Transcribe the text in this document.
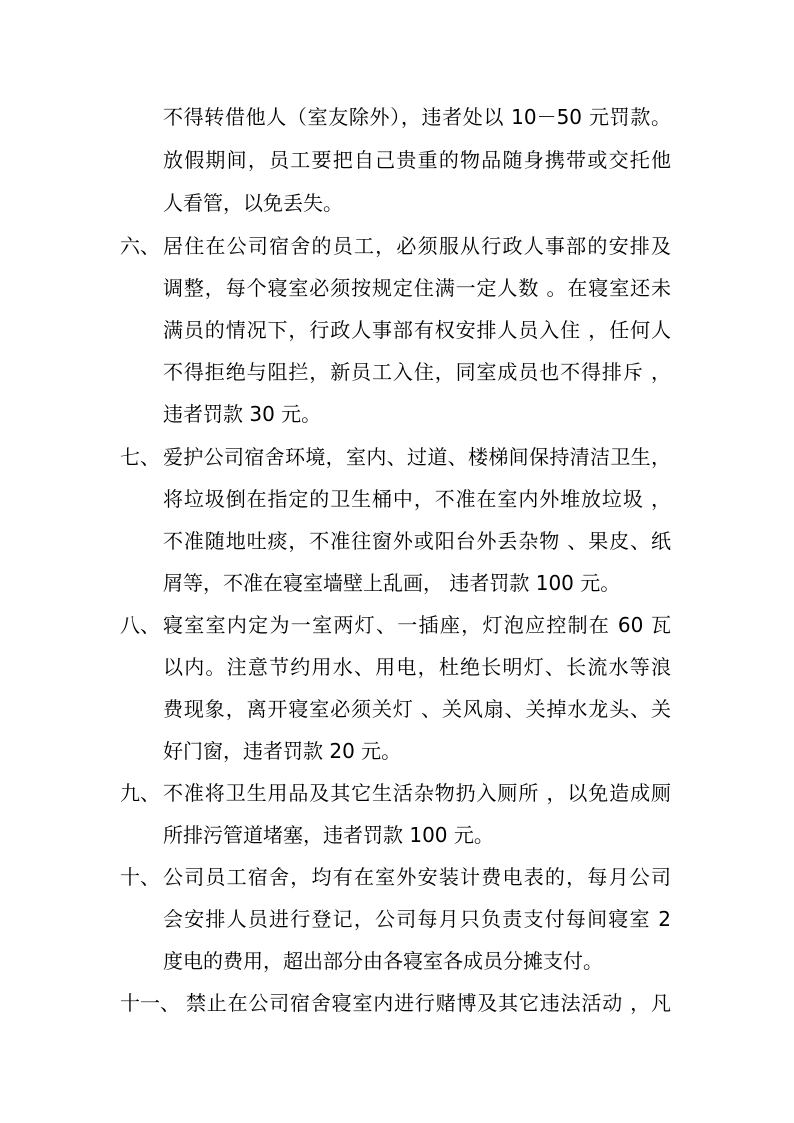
不得转借他人（室友除外），违者处以 10－50 元罚款。
放假期间，员工要把自己贵重的物品随身携带或交托他
人看管，以免丢失。
六、 居住在公司宿舍的员工，必须服从行政人事部的安排及
调整，每个寝室必须按规定住满一定人数 。在寝室还未
满员的情况下，行政人事部有权安排人员入住 ，任何人
不得拒绝与阻拦，新员工入住，同室成员也不得排斥 ，
违者罚款 30 元。
七、 爱护公司宿舍环境，室内、过道、楼梯间保持清洁卫生，
将垃圾倒在指定的卫生桶中，不准在室内外堆放垃圾 ，
不准随地吐痰，不准往窗外或阳台外丢杂物 、果皮、纸
屑等，不准在寝室墙壁上乱画， 违者罚款 100 元。
八、 寝室室内定为一室两灯、一插座，灯泡应控制在 60 瓦
以内。注意节约用水、用电，杜绝长明灯、长流水等浪
费现象，离开寝室必须关灯 、关风扇、关掉水龙头、关
好门窗，违者罚款 20 元。
九、 不准将卫生用品及其它生活杂物扔入厕所 ，以免造成厕
所排污管道堵塞，违者罚款 100 元。
十、 公司员工宿舍，均有在室外安装计费电表的，每月公司
会安排人员进行登记，公司每月只负责支付每间寝室 2
度电的费用，超出部分由各寝室各成员分摊支付。
十一、 禁止在公司宿舍寝室内进行赌博及其它违法活动 ，凡
